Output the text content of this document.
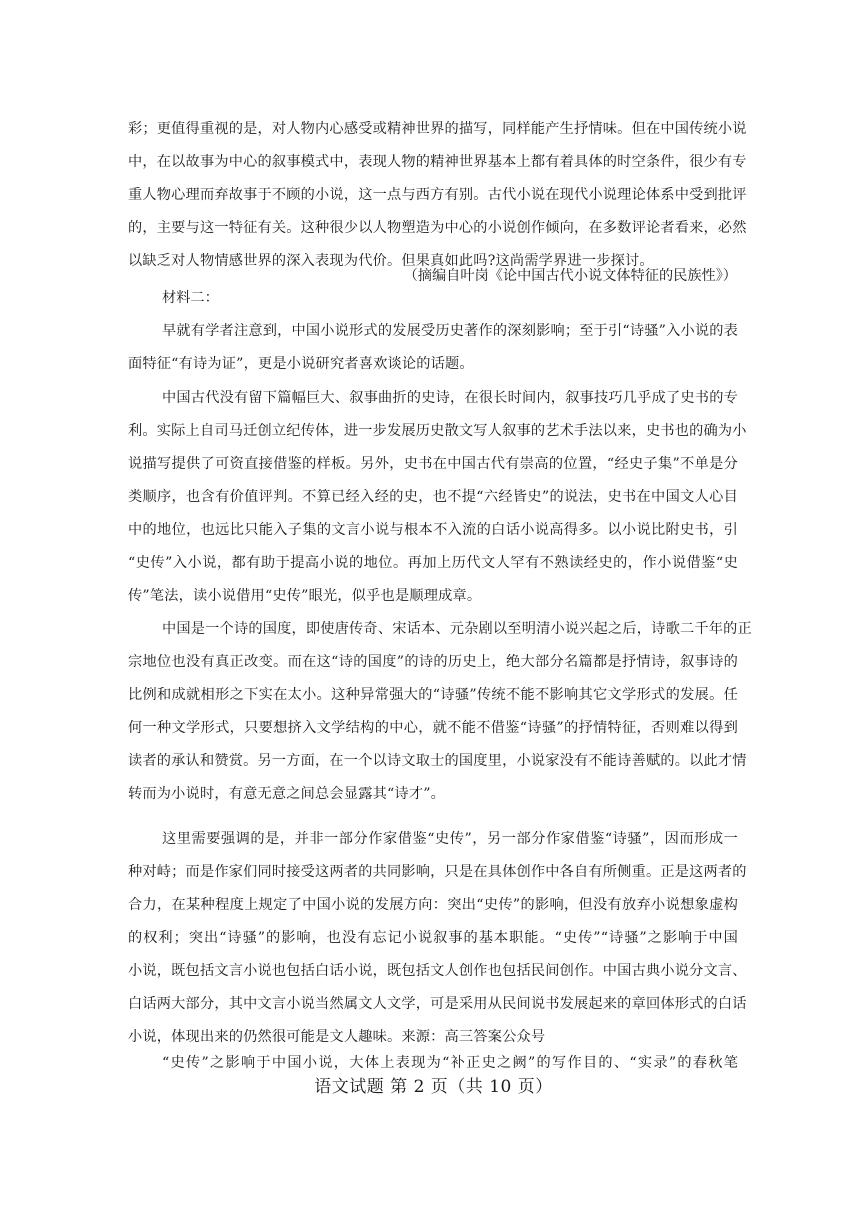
彩；更值得重视的是，对人物内心感受或精神世界的描写，同样能产生抒情味。但在中国传统小说
中，在以故事为中心的叙事模式中，表现人物的精神世界基本上都有着具体的时空条件，很少有专
重人物心理而弃故事于不顾的小说，这一点与西方有别。古代小说在现代小说理论体系中受到批评
的，主要与这一特征有关。这种很少以人物塑造为中心的小说创作倾向，在多数评论者看来，必然
以缺乏对人物情感世界的深入表现为代价。但果真如此吗?这尚需学界进一步探讨。
（摘编自叶岗《论中国古代小说文体特征的民族性》）
材料二：
早就有学者注意到，中国小说形式的发展受历史著作的深刻影响；至于引“诗骚”入小说的表
面特征“有诗为证”，更是小说研究者喜欢谈论的话题。
中国古代没有留下篇幅巨大、叙事曲折的史诗，在很长时间内，叙事技巧几乎成了史书的专
利。实际上自司马迁创立纪传体，进一步发展历史散文写人叙事的艺术手法以来，史书也的确为小
说描写提供了可资直接借鉴的样板。另外，史书在中国古代有崇高的位置，“经史子集”不单是分
类顺序，也含有价值评判。不算已经入经的史，也不提“六经皆史”的说法，史书在中国文人心目
中的地位，也远比只能入子集的文言小说与根本不入流的白话小说高得多。以小说比附史书，引
“史传”入小说，都有助于提高小说的地位。再加上历代文人罕有不熟读经史的，作小说借鉴“史
传”笔法，读小说借用“史传”眼光，似乎也是顺理成章。
中国是一个诗的国度，即使唐传奇、宋话本、元杂剧以至明清小说兴起之后，诗歌二千年的正
宗地位也没有真正改变。而在这“诗的国度”的诗的历史上，绝大部分名篇都是抒情诗，叙事诗的
比例和成就相形之下实在太小。这种异常强大的“诗骚”传统不能不影响其它文学形式的发展。任
何一种文学形式，只要想挤入文学结构的中心，就不能不借鉴“诗骚”的抒情特征，否则难以得到
读者的承认和赞赏。另一方面，在一个以诗文取士的国度里，小说家没有不能诗善赋的。以此才情
转而为小说时，有意无意之间总会显露其“诗才”。
这里需要强调的是，并非一部分作家借鉴“史传”，另一部分作家借鉴“诗骚”，因而形成一
种对峙；而是作家们同时接受这两者的共同影响，只是在具体创作中各自有所侧重。正是这两者的
合力，在某种程度上规定了中国小说的发展方向：突出“史传”的影响，但没有放弃小说想象虚构
的权利；突出“诗骚”的影响，也没有忘记小说叙事的基本职能。“史传”“诗骚”之影响于中国
小说，既包括文言小说也包括白话小说，既包括文人创作也包括民间创作。中国古典小说分文言、
白话两大部分，其中文言小说当然属文人文学，可是采用从民间说书发展起来的章回体形式的白话
小说，体现出来的仍然很可能是文人趣味。来源：高三答案公众号
“史传”之影响于中国小说，大体上表现为“补正史之阙”的写作目的、“实录”的春秋笔
语文试题 第 2 页（共 10 页）
